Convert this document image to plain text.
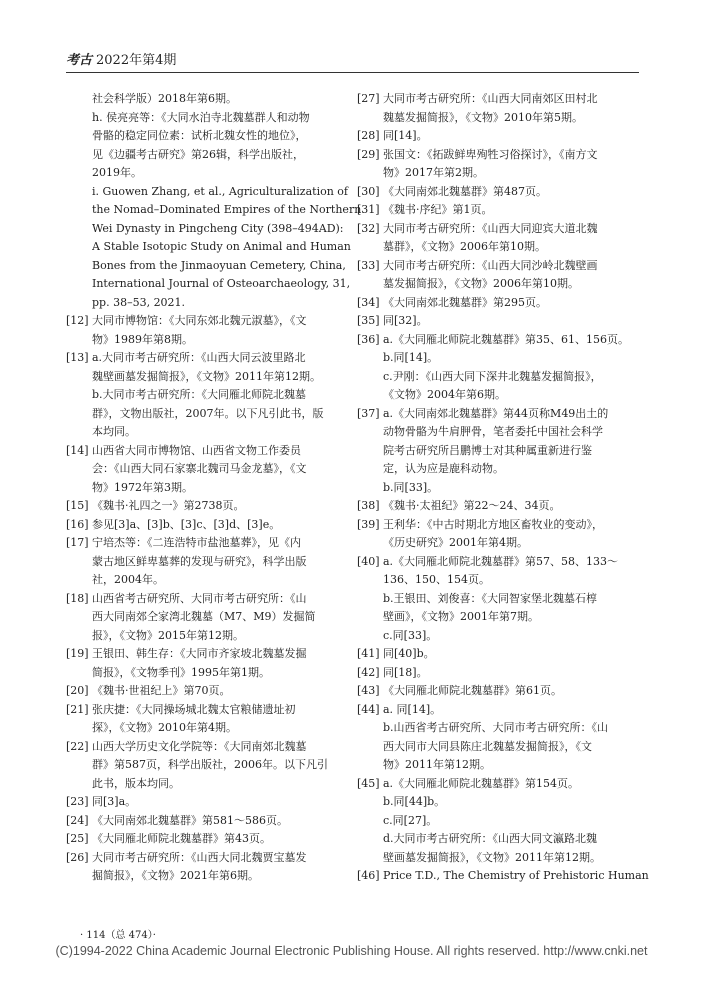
考古 2022年第4期
社会科学版）2018年第6期。
h. 侯亮亮等：《大同水泊寺北魏墓群人和动物
骨骼的稳定同位素：试析北魏女性的地位》，
见《边疆考古研究》第26辑，科学出版社，
2019年。
i. Guowen Zhang, et al., Agriculturalization of
the Nomad–Dominated Empires of the Northern
Wei Dynasty in Pingcheng City (398–494AD):
A Stable Isotopic Study on Animal and Human
Bones from the Jinmaoyuan Cemetery, China,
International Journal of Osteoarchaeology, 31,
pp. 38–53, 2021.
[12] 大同市博物馆：《大同东郊北魏元淑墓》，《文
物》1989年第8期。
[13] a.大同市考古研究所：《山西大同云波里路北
魏壁画墓发掘简报》，《文物》2011年第12期。
b.大同市考古研究所：《大同雁北师院北魏墓
群》，文物出版社，2007年。以下凡引此书，版
本均同。
[14] 山西省大同市博物馆、山西省文物工作委员
会：《山西大同石家寨北魏司马金龙墓》，《文
物》1972年第3期。
[15] 《魏书·礼四之一》第2738页。
[16] 参见[3]a、[3]b、[3]c、[3]d、[3]e。
[17] 宁培杰等：《二连浩特市盐池墓葬》，见《内
蒙古地区鲜卑墓葬的发现与研究》，科学出版
社，2004年。
[18] 山西省考古研究所、大同市考古研究所：《山
西大同南郊仝家湾北魏墓（M7、M9）发掘简
报》，《文物》2015年第12期。
[19] 王银田、韩生存：《大同市齐家坡北魏墓发掘
简报》，《文物季刊》1995年第1期。
[20] 《魏书·世祖纪上》第70页。
[21] 张庆捷：《大同操场城北魏太官粮储遗址初
探》，《文物》2010年第4期。
[22] 山西大学历史文化学院等：《大同南郊北魏墓
群》第587页，科学出版社，2006年。以下凡引
此书，版本均同。
[23] 同[3]a。
[24] 《大同南郊北魏墓群》第581～586页。
[25] 《大同雁北师院北魏墓群》第43页。
[26] 大同市考古研究所：《山西大同北魏贾宝墓发
掘简报》，《文物》2021年第6期。
[27] 大同市考古研究所：《山西大同南郊区田村北
魏墓发掘简报》，《文物》2010年第5期。
[28] 同[14]。
[29] 张国文：《拓跋鲜卑殉牲习俗探讨》，《南方文
物》2017年第2期。
[30] 《大同南郊北魏墓群》第487页。
[31] 《魏书·序纪》第1页。
[32] 大同市考古研究所：《山西大同迎宾大道北魏
墓群》，《文物》2006年第10期。
[33] 大同市考古研究所：《山西大同沙岭北魏壁画
墓发掘简报》，《文物》2006年第10期。
[34] 《大同南郊北魏墓群》第295页。
[35] 同[32]。
[36] a.《大同雁北师院北魏墓群》第35、61、156页。
b.同[14]。
c.尹刚：《山西大同下深井北魏墓发掘简报》，
《文物》2004年第6期。
[37] a.《大同南郊北魏墓群》第44页称M49出土的
动物骨骼为牛肩胛骨，笔者委托中国社会科学
院考古研究所吕鹏博士对其种属重新进行鉴
定，认为应是鹿科动物。
b.同[33]。
[38] 《魏书·太祖纪》第22～24、34页。
[39] 王利华：《中古时期北方地区畜牧业的变动》，
《历史研究》2001年第4期。
[40] a.《大同雁北师院北魏墓群》第57、58、133～
136、150、154页。
b.王银田、刘俊喜：《大同智家堡北魏墓石椁
壁画》，《文物》2001年第7期。
c.同[33]。
[41] 同[40]b。
[42] 同[18]。
[43] 《大同雁北师院北魏墓群》第61页。
[44] a. 同[14]。
b.山西省考古研究所、大同市考古研究所：《山
西大同市大同县陈庄北魏墓发掘简报》，《文
物》2011年第12期。
[45] a.《大同雁北师院北魏墓群》第154页。
b.同[44]b。
c.同[27]。
d.大同市考古研究所：《山西大同文瀛路北魏
壁画墓发掘简报》，《文物》2011年第12期。
[46] Price T.D., The Chemistry of Prehistoric Human
· 114（总 474）·
(C)1994-2022 China Academic Journal Electronic Publishing House. All rights reserved. http://www.cnki.net
